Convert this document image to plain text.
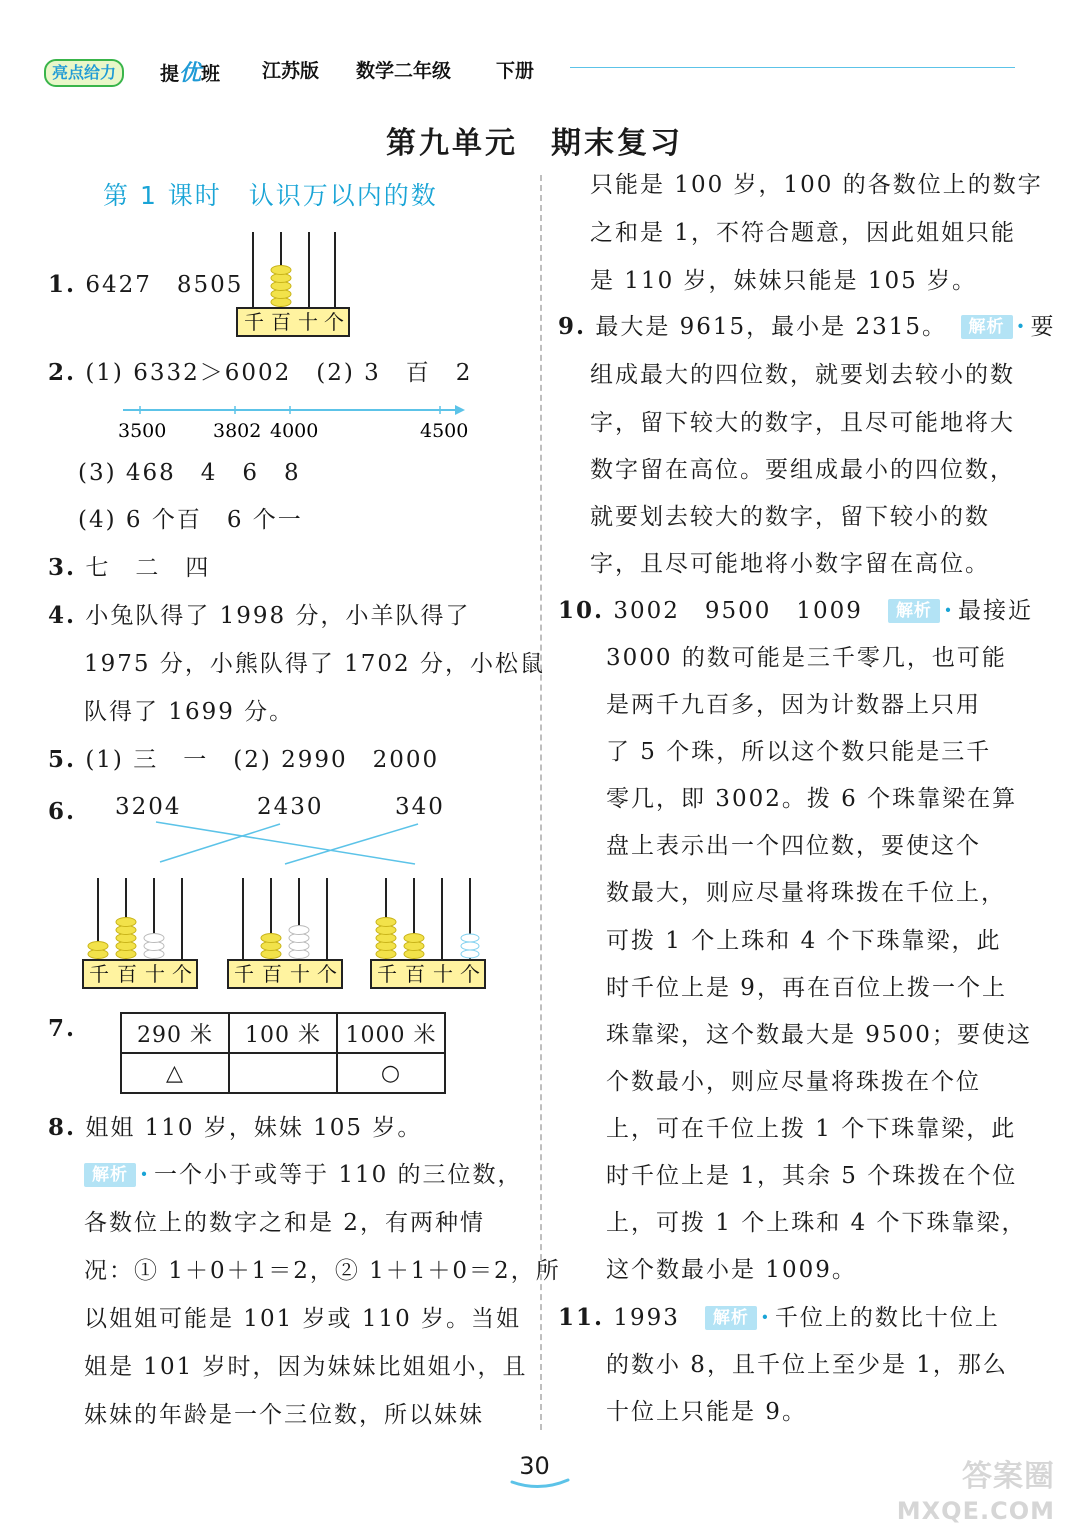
亮点给力	提优班 江苏版 数学二年级 下册
第九单元　期末复习
第 1 课时　认识万以内的数
1. 6427　8505
千 百 十 个
2. (1) 6332＞6002　(2) 3　百　2
3500 3802 4000	4500
(3) 468　4　6　8
(4) 6 个百　6 个一
3. 七　二　四
4. 小兔队得了 1998 分，小羊队得了
1975 分，小熊队得了 1702 分，小松鼠
队得了 1699 分。
5. (1) 三　一　(2) 2990　2000
6. 3204	2430	340
千 百 十 个 千 百 十 个 千 百 十 个
7.	290 米	100 米	1000 米
△		○
8. 姐姐 110 岁，妹妹 105 岁。
解析 · 一个小于或等于 110 的三位数，
各数位上的数字之和是 2，有两种情
况：① 1＋0＋1＝2，② 1＋1＋0＝2，所
以姐姐可能是 101 岁或 110 岁。当姐
姐是 101 岁时，因为妹妹比姐姐小，且
妹妹的年龄是一个三位数，所以妹妹
只能是 100 岁，100 的各数位上的数字
之和是 1，不符合题意，因此姐姐只能
是 110 岁，妹妹只能是 105 岁。
9. 最大是 9615，最小是 2315。　 解析 · 要
组成最大的四位数，就要划去较小的数
字，留下较大的数字，且尽可能地将大
数字留在高位。要组成最小的四位数，
就要划去较大的数字，留下较小的数
字，且尽可能地将小数字留在高位。
10. 3002　9500　1009　 解析 · 最接近
3000 的数可能是三千零几，也可能
是两千九百多，因为计数器上只用
了 5 个珠，所以这个数只能是三千
零几，即 3002。拨 6 个珠靠梁在算
盘上表示出一个四位数，要使这个
数最大，则应尽量将珠拨在千位上，
可拨 1 个上珠和 4 个下珠靠梁，此
时千位上是 9，再在百位上拨一个上
珠靠梁，这个数最大是 9500；要使这
个数最小，则应尽量将珠拨在个位
上，可在千位上拨 1 个下珠靠梁，此
时千位上是 1，其余 5 个珠拨在个位
上，可拨 1 个上珠和 4 个下珠靠梁，
这个数最小是 1009。
11. 1993　 解析 · 千位上的数比十位上
的数小 8，且千位上至少是 1，那么
十位上只能是 9。
30	答案圈
MXQE.COM
